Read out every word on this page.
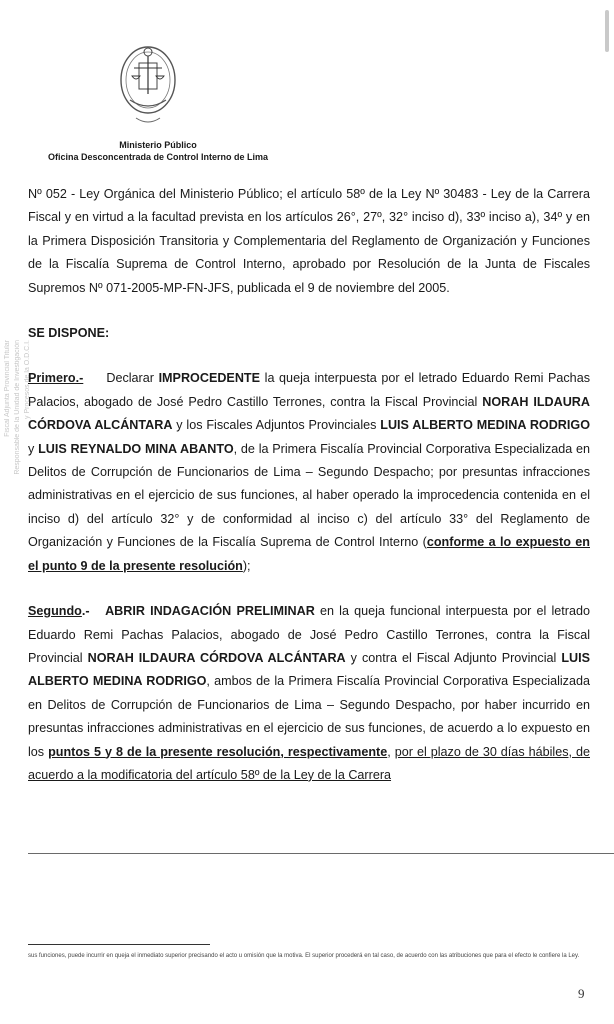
Ministerio Público
Oficina Desconcentrada de Control Interno de Lima
Fiscal Adjunta Provincial Titular Responsable de la Unidad de Investigación y Procesos de la O.D.C.I.

Nº 052 - Ley Orgánica del Ministerio Público; el artículo 58º de la Ley Nº 30483 - Ley de la Carrera Fiscal y en virtud a la facultad prevista en los artículos 26°, 27º, 32° inciso d), 33º inciso a), 34º y en la Primera Disposición Transitoria y Complementaria del Reglamento de Organización y Funciones de la Fiscalía Suprema de Control Interno, aprobado por Resolución de la Junta de Fiscales Supremos Nº 071-2005-MP-FN-JFS, publicada el 9 de noviembre del 2005.

SE DISPONE:

Primero.- Declarar IMPROCEDENTE la queja interpuesta por el letrado Eduardo Remi Pachas Palacios, abogado de José Pedro Castillo Terrones, contra la Fiscal Provincial NORAH ILDAURA CÓRDOVA ALCÁNTARA y los Fiscales Adjuntos Provinciales LUIS ALBERTO MEDINA RODRIGO y LUIS REYNALDO MINA ABANTO, de la Primera Fiscalía Provincial Corporativa Especializada en Delitos de Corrupción de Funcionarios de Lima – Segundo Despacho; por presuntas infracciones administrativas en el ejercicio de sus funciones, al haber operado la improcedencia contenida en el inciso d) del artículo 32° y de conformidad al inciso c) del artículo 33° del Reglamento de Organización y Funciones de la Fiscalía Suprema de Control Interno (conforme a lo expuesto en el punto 9 de la presente resolución);

Segundo.- ABRIR INDAGACIÓN PRELIMINAR en la queja funcional interpuesta por el letrado Eduardo Remi Pachas Palacios, abogado de José Pedro Castillo Terrones, contra la Fiscal Provincial NORAH ILDAURA CÓRDOVA ALCÁNTARA y contra el Fiscal Adjunto Provincial LUIS ALBERTO MEDINA RODRIGO, ambos de la Primera Fiscalía Provincial Corporativa Especializada en Delitos de Corrupción de Funcionarios de Lima – Segundo Despacho, por haber incurrido en presuntas infracciones administrativas en el ejercicio de sus funciones, de acuerdo a lo expuesto en los puntos 5 y 8 de la presente resolución, respectivamente, por el plazo de 30 días hábiles, de acuerdo a la modificatoria del artículo 58º de la Ley de la Carrera

sus funciones, puede incurrir en queja el inmediato superior precisando el acto u omisión que la motiva. El superior procederá en tal caso, de acuerdo con las atribuciones que para el efecto le confiere la Ley.
9
